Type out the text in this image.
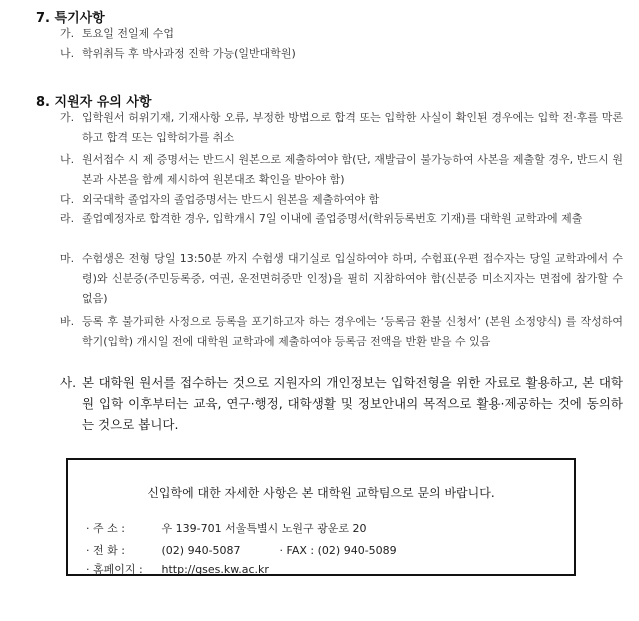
7. 특기사항
가. 토요일 전일제 수업
나. 학위취득 후 박사과정 진학 가능(일반대학원)
8. 지원자 유의 사항
가. 입학원서 허위기재, 기재사항 오류, 부정한 방법으로 합격 또는 입학한 사실이 확인된 경우에는 입학 전·후를 막론하고 합격 또는 입학허가를 취소
나. 원서접수 시 제 증명서는 반드시 원본으로 제출하여야 함(단, 재발급이 불가능하여 사본을 제출할 경우, 반드시 원본과 사본을 함께 제시하여 원본대조 확인을 받아야 함)
다. 외국대학 졸업자의 졸업증명서는 반드시 원본을 제출하여야 함
라. 졸업예정자로 합격한 경우, 입학개시 7일 이내에 졸업증명서(학위등록번호 기재)를 대학원 교학과에 제출
마. 수험생은 전형 당일 13:50분 까지 수험생 대기실로 입실하여야 하며, 수험표(우편 접수자는 당일 교학과에서 수령)와 신분증(주민등록증, 여권, 운전면허증만 인정)을 필히 지참하여야 함(신분증 미소지자는 면접에 참가할 수 없음)
바. 등록 후 불가피한 사정으로 등록을 포기하고자 하는 경우에는 ‘등록금 환불 신청서’ (본원 소정양식) 를 작성하여 학기(입학) 개시일 전에 대학원 교학과에 제출하여야 등록금 전액을 반환 받을 수 있음
사. 본 대학원 원서를 접수하는 것으로 지원자의 개인정보는 입학전형을 위한 자료로 활용하고, 본 대학원 입학 이후부터는 교육, 연구·행정, 대학생활 및 정보안내의 목적으로 활용·제공하는 것에 동의하는 것으로 봅니다.
신입학에 대한 자세한 사항은 본 대학원 교학팀으로 문의 바랍니다.
· 주 소 :	우 139-701 서울특별시 노원구 광운로 20
· 전 화 :	(02) 940-5087	· FAX : (02) 940-5089
· 홈페이지 : http://gses.kw.ac.kr
